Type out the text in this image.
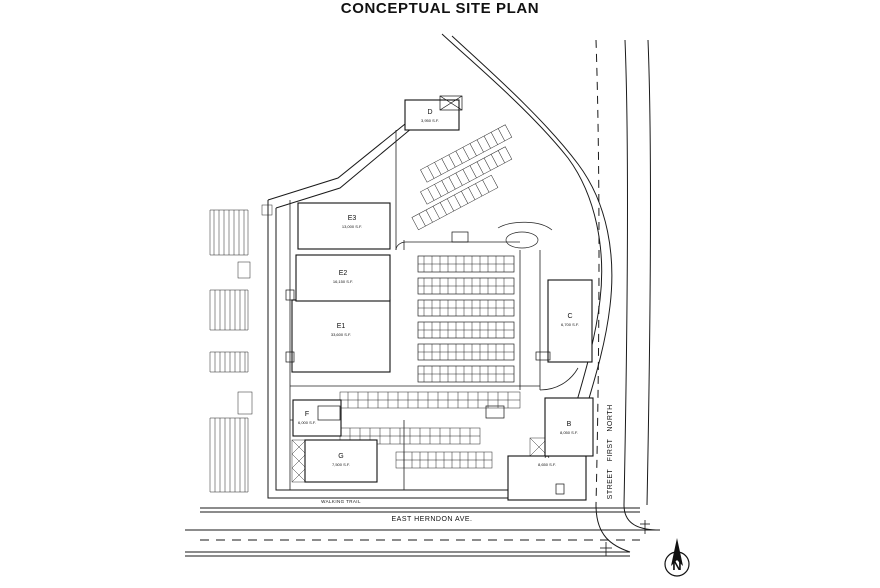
CONCEPTUAL SITE PLAN
8,650 S.F.
B
8,050 S.F.
C
6,700 S.F.
D
3,950 S.F.
E1
33,600 S.F.
E2
16,150 S.F.
E3
13,000 S.F.
F
6,000 S.F.
G
7,500 S.F.
EAST HERNDON AVE.
WALKING TRAIL
NORTH
FIRST
STREET
N
